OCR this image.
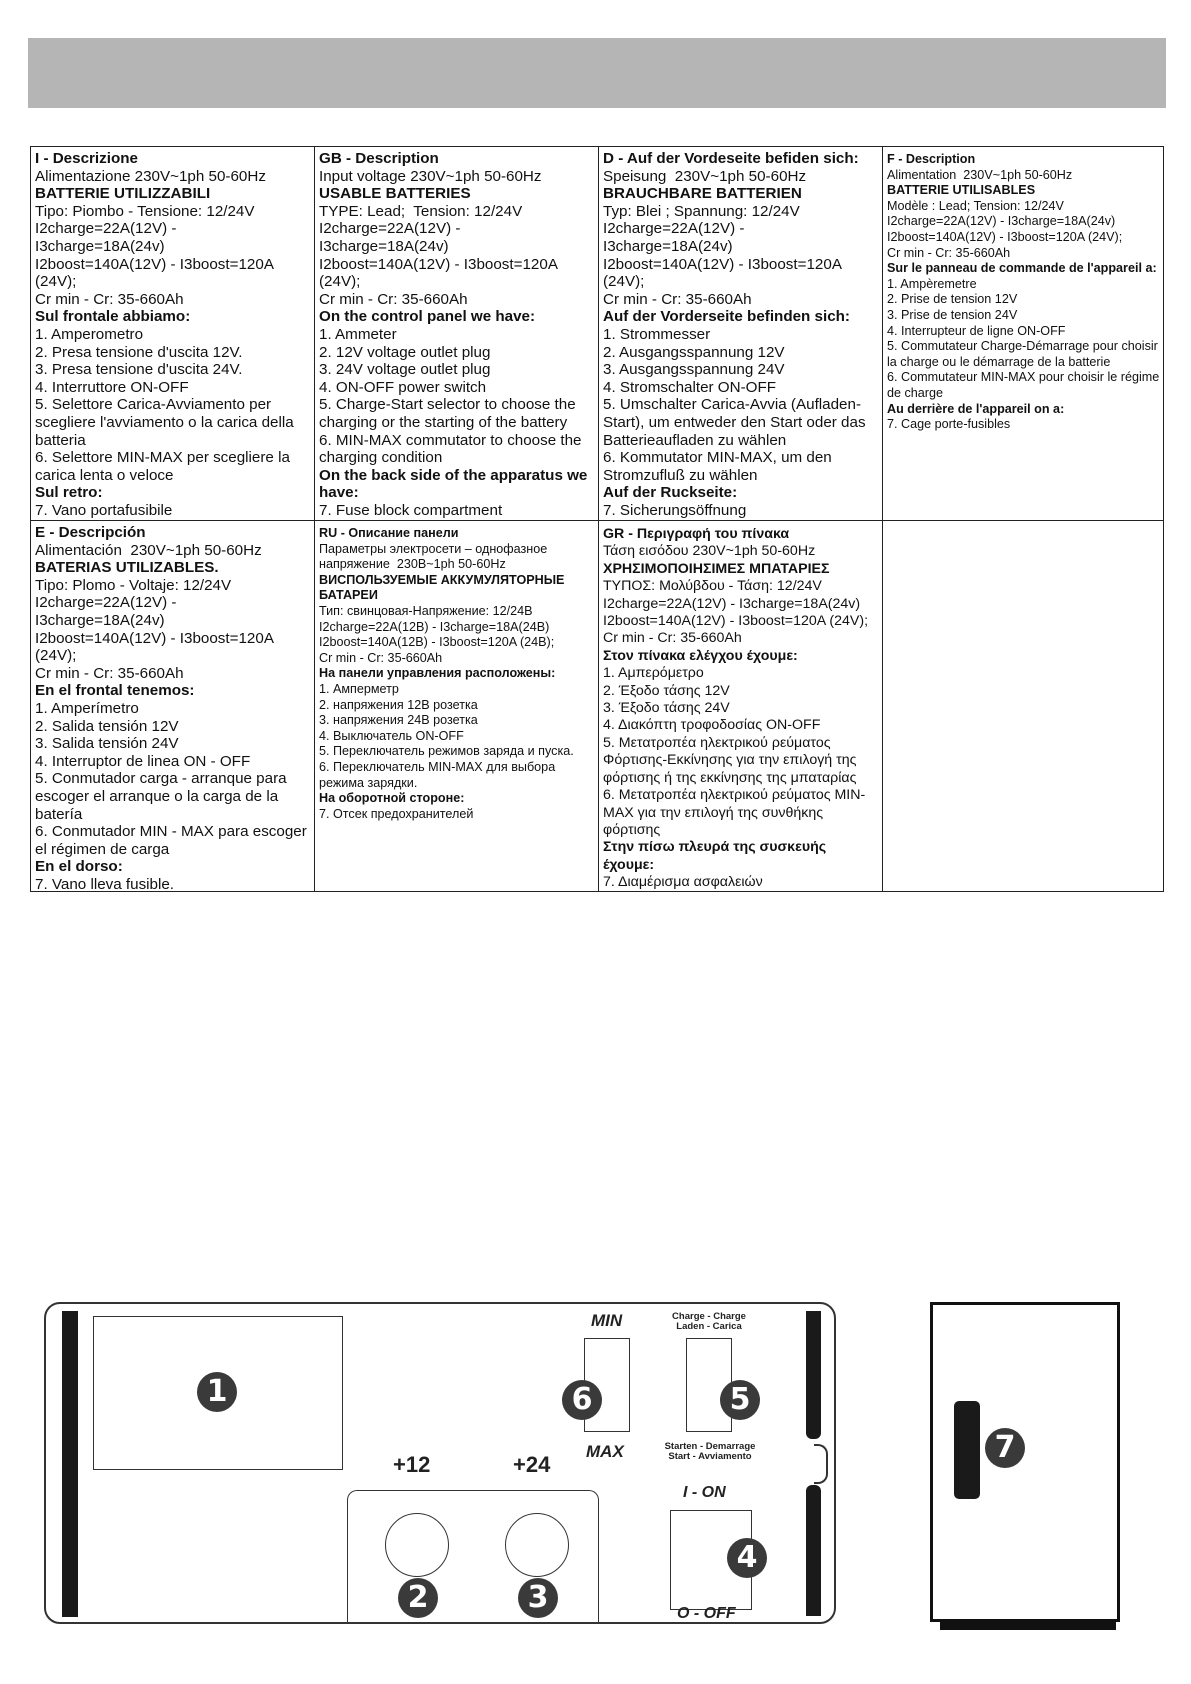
I - Descrizione
Alimentazione 230V~1ph 50-60Hz
BATTERIE UTILIZZABILI
Tipo: Piombo - Tensione: 12/24V
I2charge=22A(12V) - I3charge=18A(24v)
I2boost=140A(12V) - I3boost=120A (24V);
Cr min - Cr: 35-660Ah
Sul frontale abbiamo:
1. Amperometro
2. Presa tensione d'uscita 12V.
3. Presa tensione d'uscita 24V.
4. Interruttore ON-OFF
5. Selettore Carica-Avviamento per scegliere l'avviamento o la carica della batteria
6. Selettore MIN-MAX per scegliere la carica lenta o veloce
Sul retro:
7. Vano portafusibile
GB - Description
Input voltage 230V~1ph 50-60Hz
USABLE BATTERIES
TYPE: Lead;  Tension: 12/24V
I2charge=22A(12V) - I3charge=18A(24v)
I2boost=140A(12V) - I3boost=120A (24V);
Cr min - Cr: 35-660Ah
On the control panel we have:
1. Ammeter
2. 12V voltage outlet plug
3. 24V voltage outlet plug
4. ON-OFF power switch
5. Charge-Start selector to choose the charging or the starting of the battery
6. MIN-MAX commutator to choose the charging condition
On the back side of the apparatus we have:
7. Fuse block compartment
D - Auf der Vordeseite befiden sich:
Speisung  230V~1ph 50-60Hz
BRAUCHBARE BATTERIEN
Typ: Blei ; Spannung: 12/24V
I2charge=22A(12V) - I3charge=18A(24v)
I2boost=140A(12V) - I3boost=120A (24V);
Cr min - Cr: 35-660Ah
Auf der Vorderseite befinden sich:
1. Strommesser
2. Ausgangsspannung 12V
3. Ausgangsspannung 24V
4. Stromschalter ON-OFF
5. Umschalter Carica-Avvia (Aufladen-Start), um entweder den Start oder das Batterieaufladen zu wählen
6. Kommutator MIN-MAX, um den Stromzufluß zu wählen
Auf der Ruckseite:
7. Sicherungsöffnung
F - Description
Alimentation  230V~1ph 50-60Hz
BATTERIE UTILISABLES
Modèle : Lead; Tension: 12/24V
I2charge=22A(12V) - I3charge=18A(24v)
I2boost=140A(12V) - I3boost=120A (24V);
Cr min - Cr: 35-660Ah
Sur le panneau de commande de l'appareil a:
1. Ampèremetre
2. Prise de tension 12V
3. Prise de tension 24V
4. Interrupteur de ligne ON-OFF
5. Commutateur Charge-Démarrage pour choisir la charge ou le démarrage de la batterie
6. Commutateur MIN-MAX pour choisir le régime de charge
Au derrière de l'appareil on a:
7. Cage porte-fusibles
E - Descripción
Alimentación  230V~1ph 50-60Hz
BATERIAS UTILIZABLES.
Tipo: Plomo - Voltaje: 12/24V
I2charge=22A(12V) - I3charge=18A(24v)
I2boost=140A(12V) - I3boost=120A (24V);
Cr min - Cr: 35-660Ah
En el frontal tenemos:
1. Amperímetro
2. Salida tensión 12V
3. Salida tensión 24V
4. Interruptor de linea ON - OFF
5. Conmutador carga - arranque para escoger el arranque o la carga de la batería
6. Conmutador MIN - MAX para escoger el régimen de carga
En el dorso:
7. Vano lleva fusible.
RU - Описание панели
Параметры электросети – однофазное напряжение  230В~1ph 50-60Hz
ВИСПОЛЬЗУЕМЫЕ АККУМУЛЯТОРНЫЕ БАТАРЕИ
Тип: свинцовая-Напряжение: 12/24В
I2charge=22A(12В) - I3charge=18A(24В)
I2boost=140A(12В) - I3boost=120A (24В);
Cr min - Cr: 35-660Ah
На панели управления расположены:
1. Амперметр
2. напряжения 12В розетка
3. напряжения 24В розетка
4. Выключатель ON-OFF
5. Переключатель режимов заряда и пуска.
6. Переключатель MIN-MAX для выбора режима зарядки.
На оборотной стороне:
7. Отсек предохранителей
GR - Περιγραφή του πίνακα
Τάση εισόδου 230V~1ph 50-60Hz
ΧΡΗΣΙΜΟΠΟΙΗΣΙΜΕΣ ΜΠΑΤΑΡΙΕΣ
ΤΥΠΟΣ: Μολύβδου - Τάση: 12/24V
I2charge=22A(12V) - I3charge=18A(24v)
I2boost=140A(12V) - I3boost=120A (24V);
Cr min - Cr: 35-660Ah
Στον πίνακα ελέγχου έχουμε:
1. Αμπερόμετρο
2. Έξοδο τάσης 12V
3. Έξοδο τάσης 24V
4. Διακόπτη τροφοδοσίας ON-OFF
5. Μετατροπέα ηλεκτρικού ρεύματος Φόρτισης-Εκκίνησης για την επιλογή της φόρτισης ή της εκκίνησης της μπαταρίας
6. Μετατροπέα ηλεκτρικού ρεύματος MIN-MAX για την επιλογή της συνθήκης φόρτισης
Στην πίσω πλευρά της συσκευής έχουμε:
7. Διαμέρισμα ασφαλειών
1
+12	+24
2	3
MIN
6
MAX
Charge - Charge
Laden - Carica
5
Starten - Demarrage
Start - Avviamento
I - ON
4
O - OFF
7
